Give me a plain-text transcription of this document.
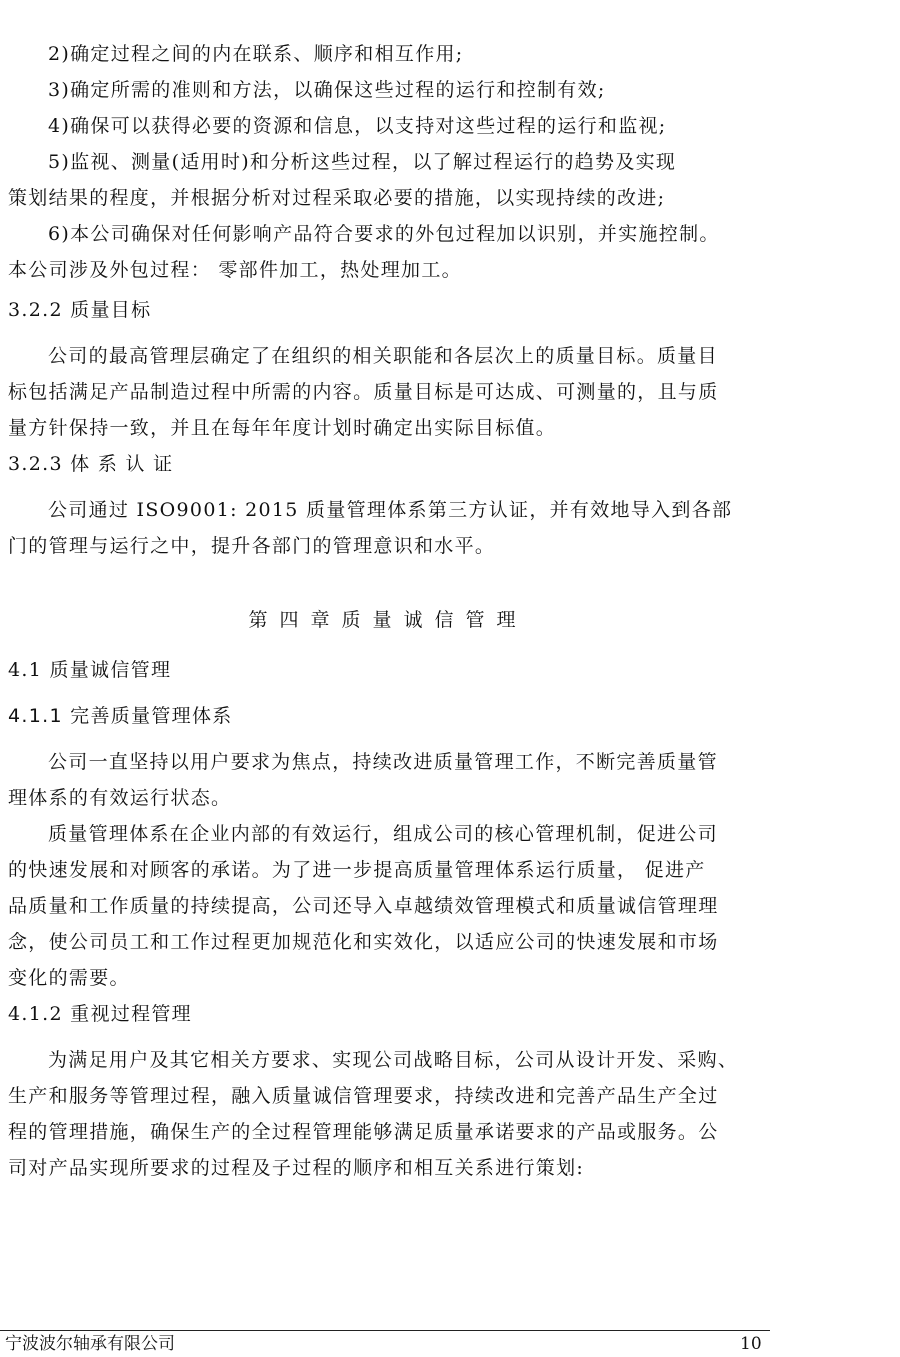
2)确定过程之间的内在联系、顺序和相互作用;
3)确定所需的准则和方法，以确保这些过程的运行和控制有效;
4)确保可以获得必要的资源和信息，以支持对这些过程的运行和监视;
5)监视、测量(适用时)和分析这些过程，以了解过程运行的趋势及实现
策划结果的程度，并根据分析对过程采取必要的措施，以实现持续的改进;
6)本公司确保对任何影响产品符合要求的外包过程加以识别，并实施控制。
本公司涉及外包过程： 零部件加工，热处理加工。
3.2.2 质量目标
公司的最高管理层确定了在组织的相关职能和各层次上的质量目标。质量目
标包括满足产品制造过程中所需的内容。质量目标是可达成、可测量的，且与质
量方针保持一致，并且在每年年度计划时确定出实际目标值。
3.2.3 体 系 认 证
公司通过 ISO9001: 2015 质量管理体系第三方认证，并有效地导入到各部
门的管理与运行之中，提升各部门的管理意识和水平。
第四章质量诚信管理
4.1 质量诚信管理
4.1.1 完善质量管理体系
公司一直坚持以用户要求为焦点，持续改进质量管理工作，不断完善质量管
理体系的有效运行状态。
质量管理体系在企业内部的有效运行，组成公司的核心管理机制，促进公司
的快速发展和对顾客的承诺。为了进一步提高质量管理体系运行质量， 促进产
品质量和工作质量的持续提高，公司还导入卓越绩效管理模式和质量诚信管理理
念，使公司员工和工作过程更加规范化和实效化，以适应公司的快速发展和市场
变化的需要。
4.1.2 重视过程管理
为满足用户及其它相关方要求、实现公司战略目标，公司从设计开发、采购、
生产和服务等管理过程，融入质量诚信管理要求，持续改进和完善产品生产全过
程的管理措施，确保生产的全过程管理能够满足质量承诺要求的产品或服务。公
司对产品实现所要求的过程及子过程的顺序和相互关系进行策划:
宁波波尔轴承有限公司	10
